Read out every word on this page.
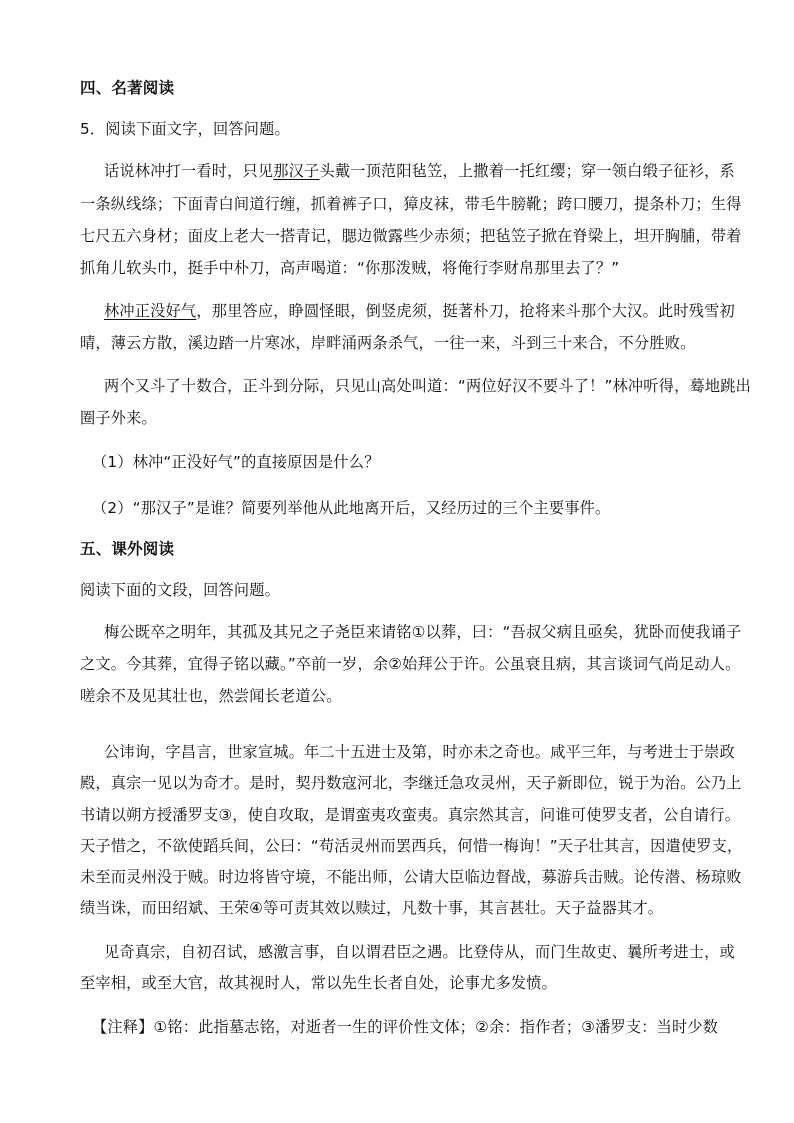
四、名著阅读
5．阅读下面文字，回答问题。
话说林冲打一看时，只见那汉子头戴一顶范阳毡笠，上撒着一托红缨；穿一领白缎子征衫，系
一条纵线绦；下面青白间道行缠，抓着裤子口，獐皮袜，带毛牛膀靴；跨口腰刀，提条朴刀；生得
七尺五六身材；面皮上老大一搭青记，腮边微露些少赤须；把毡笠子掀在脊梁上，坦开胸脯，带着
抓角儿软头巾，挺手中朴刀，高声喝道：“你那泼贼，将俺行李财帛那里去了？”
林冲正没好气，那里答应，睁圆怪眼，倒竖虎须，挺著朴刀，抢将来斗那个大汉。此时残雪初
晴，薄云方散，溪边踏一片寒冰，岸畔涌两条杀气，一往一来，斗到三十来合，不分胜败。
两个又斗了十数合，正斗到分际，只见山高处叫道：“两位好汉不要斗了！”林冲听得，蓦地跳出
圈子外来。
（1）林冲“正没好气”的直接原因是什么？
（2）“那汉子”是谁？简要列举他从此地离开后，又经历过的三个主要事件。
五、课外阅读
阅读下面的文段，回答问题。
梅公既卒之明年，其孤及其兄之子尧臣来请铭①以葬，曰：“吾叔父病且亟矣，犹卧而使我诵子
之文。今其葬，宜得子铭以藏。”卒前一岁，余②始拜公于许。公虽衰且病，其言谈词气尚足动人。
嗟余不及见其壮也，然尝闻长老道公。
公讳询，字昌言，世家宣城。年二十五进士及第，时亦未之奇也。咸平三年，与考进士于崇政
殿，真宗一见以为奇才。是时，契丹数寇河北，李继迁急攻灵州，天子新即位，锐于为治。公乃上
书请以朔方授潘罗支③，使自攻取，是谓蛮夷攻蛮夷。真宗然其言，问谁可使罗支者，公自请行。
天子惜之，不欲使蹈兵间，公曰：“苟活灵州而罢西兵，何惜一梅询！”天子壮其言，因遣使罗支，
未至而灵州没于贼。时边将皆守境，不能出师，公请大臣临边督战，募游兵击贼。论传潜、杨琼败
绩当诛，而田绍斌、王荣④等可责其效以赎过，凡数十事，其言甚壮。天子益器其才。
见奇真宗，自初召试，感激言事，自以谓君臣之遇。比登侍从，而门生故吏、曩所考进士，或
至宰相，或至大官，故其视时人，常以先生长者自处，论事尤多发愤。
【注释】①铭：此指墓志铭，对逝者一生的评价性文体；②余：指作者；③潘罗支：当时少数
